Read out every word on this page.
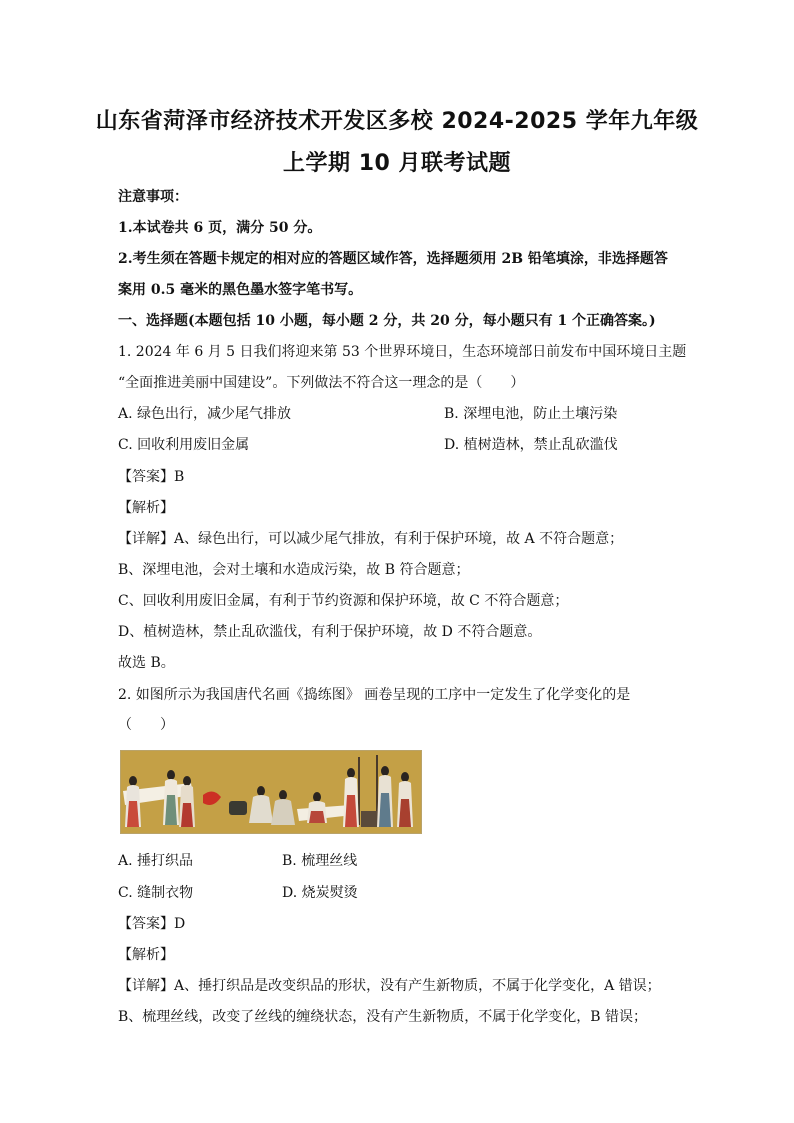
山东省菏泽市经济技术开发区多校 2024-2025 学年九年级
上学期 10 月联考试题
注意事项：
1.本试卷共 6 页，满分 50 分。
2.考生须在答题卡规定的相对应的答题区域作答，选择题须用 2B 铅笔填涂，非选择题答
案用 0.5 毫米的黑色墨水签字笔书写。
一、选择题(本题包括 10 小题，每小题 2 分，共 20 分，每小题只有 1 个正确答案。)
1. 2024 年 6 月 5 日我们将迎来第 53 个世界环境日，生态环境部日前发布中国环境日主题
“全面推进美丽中国建设”。下列做法不符合这一理念的是（　　）
A. 绿色出行，减少尾气排放	B. 深埋电池，防止土壤污染
C. 回收利用废旧金属	D. 植树造林，禁止乱砍滥伐
【答案】B
【解析】
【详解】A、绿色出行，可以减少尾气排放，有利于保护环境，故 A 不符合题意；
B、深埋电池，会对土壤和水造成污染，故 B 符合题意；
C、回收利用废旧金属，有利于节约资源和保护环境，故 C 不符合题意；
D、植树造林，禁止乱砍滥伐，有利于保护环境，故 D 不符合题意。
故选 B。
2. 如图所示为我国唐代名画《捣练图》 画卷呈现的工序中一定发生了化学变化的是
（　　）
A. 捶打织品	B. 梳理丝线
C. 缝制衣物	D. 烧炭熨烫
【答案】D
【解析】
【详解】A、捶打织品是改变织品的形状，没有产生新物质，不属于化学变化，A 错误；
B、梳理丝线，改变了丝线的缠绕状态，没有产生新物质，不属于化学变化，B 错误；
